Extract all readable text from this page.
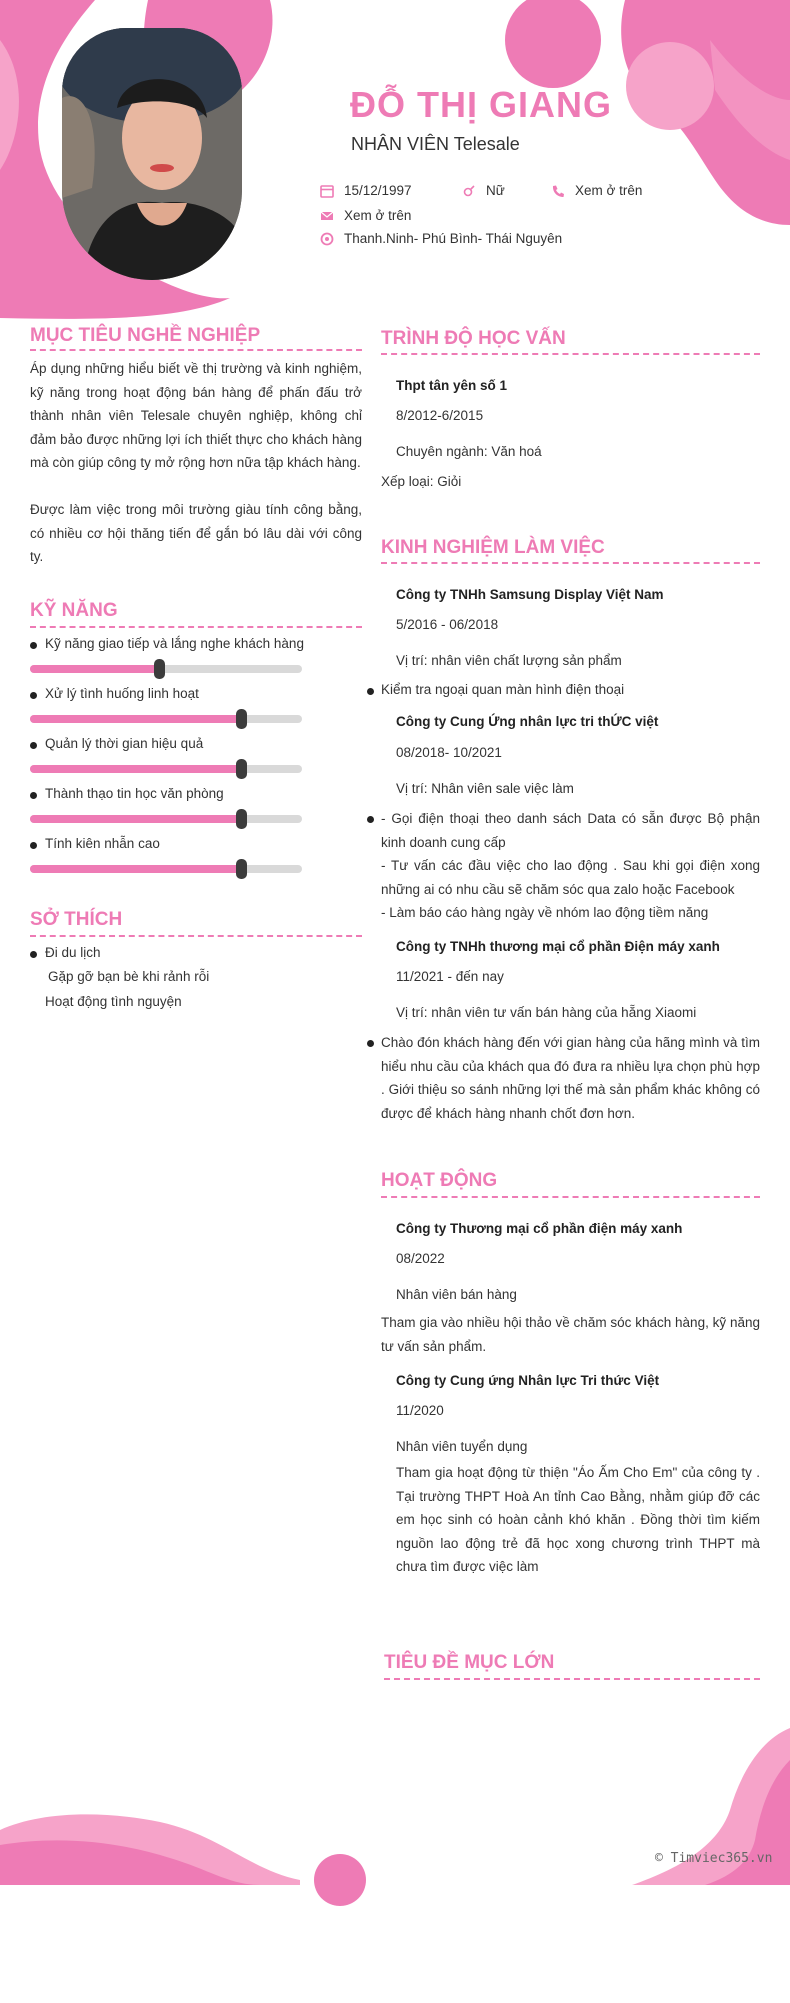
ĐỖ THỊ GIANG
NHÂN VIÊN Telesale
15/12/1997	Nữ	Xem ở trên
Xem ở trên
Thanh.Ninh- Phú Bình- Thái Nguyên
MỤC TIÊU NGHỀ NGHIỆP
Áp dụng những hiểu biết về thị trường và kinh nghiệm, kỹ năng trong hoạt động bán hàng để phấn đấu trở thành nhân viên Telesale chuyên nghiệp, không chỉ đảm bảo được những lợi ích thiết thực cho khách hàng mà còn giúp công ty mở rộng hơn nữa tập khách hàng.
Được làm việc trong môi trường giàu tính công bằng, có nhiều cơ hội thăng tiến để gắn bó lâu dài với công ty.
KỸ NĂNG
Kỹ năng giao tiếp và lắng nghe khách hàng
Xử lý tình huống linh hoạt
Quản lý thời gian hiệu quả
Thành thạo tin học văn phòng
Tính kiên nhẫn cao
SỞ THÍCH
Đi du lịch
Gặp gỡ bạn bè khi rảnh rỗi
Hoạt động tình nguyện
TRÌNH ĐỘ HỌC VẤN
Thpt tân yên số 1
8/2012-6/2015
Chuyên ngành: Văn hoá
Xếp loại: Giỏi
KINH NGHIỆM LÀM VIỆC
Công ty TNHh Samsung Display Việt Nam
5/2016 - 06/2018
Vị trí: nhân viên chất lượng sản phẩm
Kiểm tra ngoại quan màn hình điện thoại
Công ty Cung Ứng nhân lực tri thỨC việt
08/2018- 10/2021
Vị trí: Nhân viên sale việc làm
- Gọi điện thoại theo danh sách Data có sẵn được Bộ phận kinh doanh cung cấp
- Tư vấn các đầu việc cho lao động . Sau khi gọi điện xong những ai có nhu cầu sẽ chăm sóc qua zalo hoặc Facebook
- Làm báo cáo hàng ngày về nhóm lao động tiềm năng
Công ty TNHh thương mại cổ phần Điện máy xanh
11/2021 - đến nay
Vị trí: nhân viên tư vấn bán hàng của hẵng Xiaomi
Chào đón khách hàng đến với gian hàng của hãng mình và tìm hiểu nhu cầu của khách qua đó đưa ra nhiều lựa chọn phù hợp . Giới thiệu so sánh những lợi thế mà sản phẩm khác không có được để khách hàng nhanh chốt đơn hơn.
HOẠT ĐỘNG
Công ty Thương mại cổ phần điện máy xanh
08/2022
Nhân viên bán hàng
Tham gia vào nhiều hội thảo về chăm sóc khách hàng, kỹ năng tư vấn sản phẩm.
Công ty Cung ứng Nhân lực Tri thức Việt
11/2020
Nhân viên tuyển dụng
Tham gia hoạt động từ thiện "Áo Ấm Cho Em" của công ty . Tại trường THPT Hoà An tỉnh Cao Bằng, nhằm giúp đỡ các em học sinh có hoàn cảnh khó khăn . Đồng thời tìm kiếm nguồn lao động trẻ đã học xong chương trình THPT mà chưa tìm được việc làm
TIÊU ĐỀ MỤC LỚN
© Timviec365.vn
